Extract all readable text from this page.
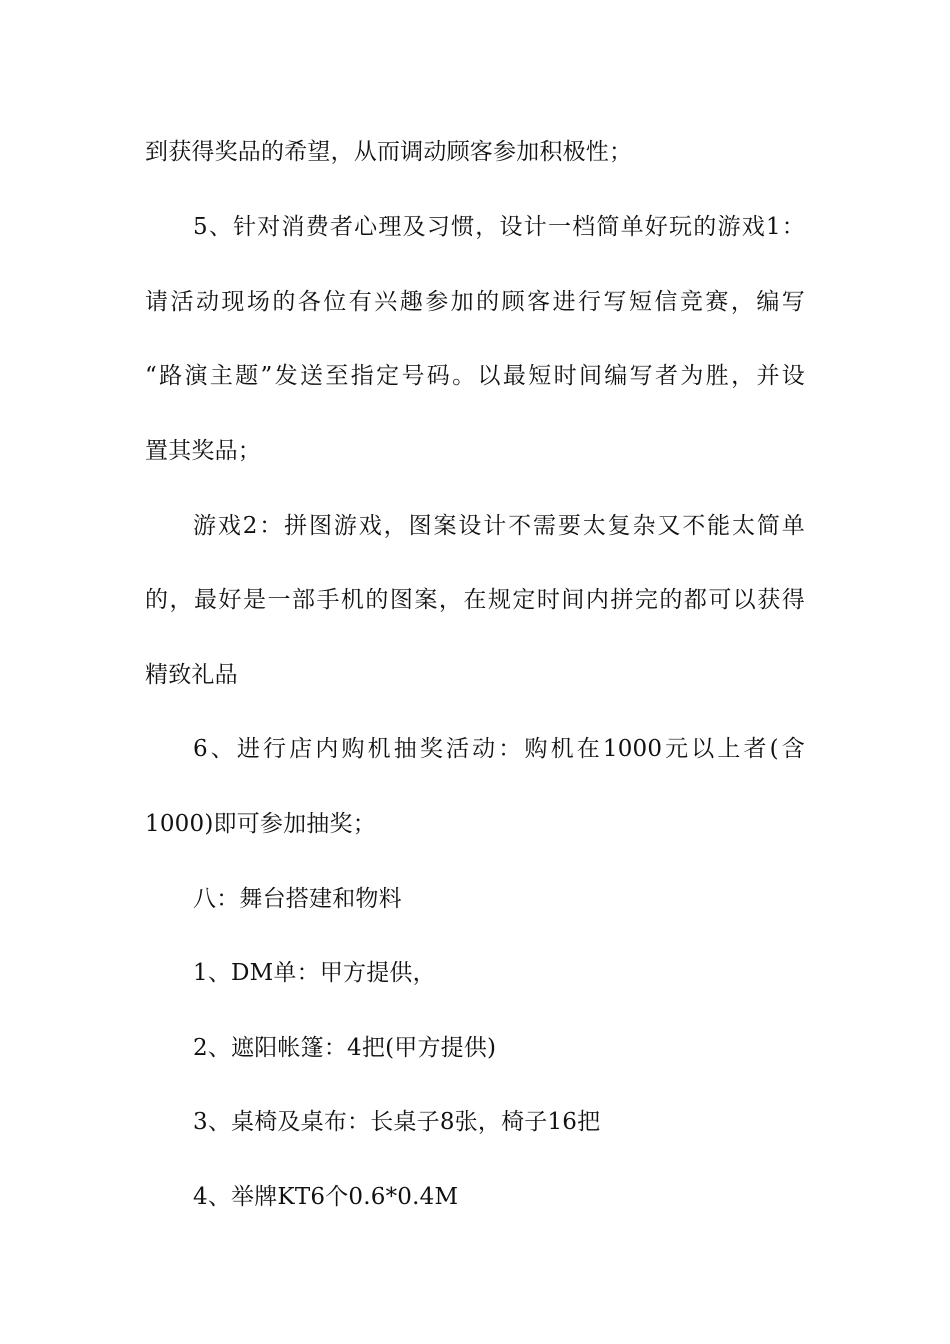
到获得奖品的希望，从而调动顾客参加积极性；
5、针对消费者心理及习惯，设计一档简单好玩的游戏1：
请活动现场的各位有兴趣参加的顾客进行写短信竞赛，编写
“路演主题”发送至指定号码。以最短时间编写者为胜，并设
置其奖品；
游戏2：拼图游戏，图案设计不需要太复杂又不能太简单
的，最好是一部手机的图案，在规定时间内拼完的都可以获得
精致礼品
6、进行店内购机抽奖活动：购机在1000元以上者(含
1000)即可参加抽奖；
八：舞台搭建和物料
1、DM单：甲方提供，
2、遮阳帐篷：4把(甲方提供)
3、桌椅及桌布：长桌子8张，椅子16把
4、举牌KT6个0.6*0.4M
